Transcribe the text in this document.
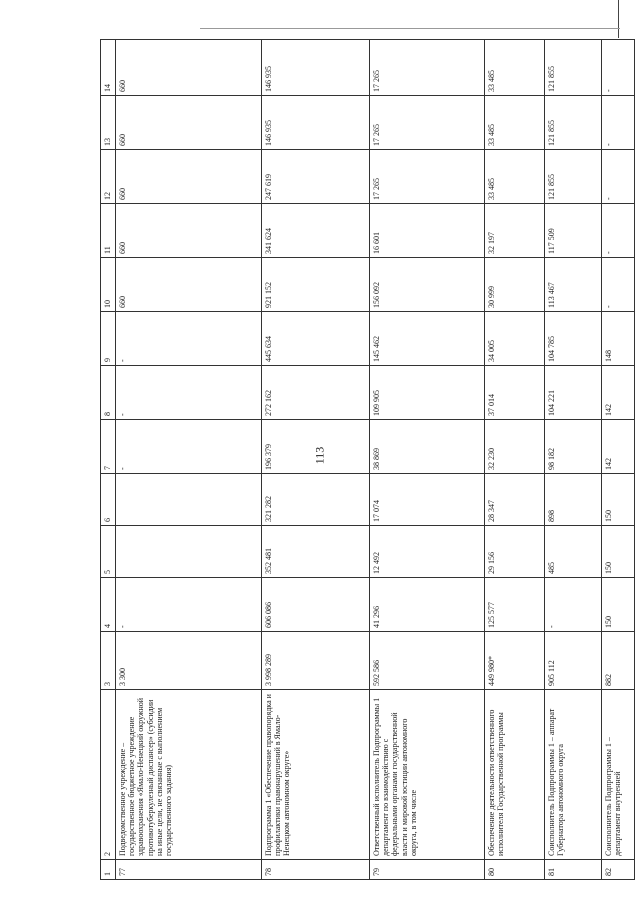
113
1	2	3	4	5	6	7	8	9	10	11	12	13	14
77	Подведомственное учреждение – государственное бюджетное учреждение здравоохранения «Ямало-Ненецкий окружной противотуберкулезный диспансер» (субсидии на иные цели, не связанные с выполнением государственного задания)	3 300	-			-	-	-	660	660	660	660	660
78	Подпрограмма 1 «Обеспечение правопорядка и профилактики правонарушений в Ямало-Ненецком автономном округе»	3 998 289	606 086	352 481	321 282	196 379	272 162	445 634	921 152	341 624	247 619	146 935	146 935
79	Ответственный исполнитель Подпрограммы 1 департамент по взаимодействию с федеральными органами государственной власти и мировой юстиции автономного округа, в том числе	592 586	41 296	12 492	17 074	38 869	109 905	145 462	156 092	16 601	17 265	17 265	17 265
80	Обеспечение деятельности ответственного исполнителя Государственной программы	449 980*	125 577	29 156	28 347	32 230	37 014	34 005	30 999	32 197	33 485	33 485	33 485
81	Соисполнитель Подпрограммы 1 – аппарат Губернатора автономного округа	905 112	-	485	898	98 182	104 221	104 785	113 467	117 509	121 855	121 855	121 855
82	Соисполнитель Подпрограммы 1 – департамент внутренней	882	150	150	150	142	142	148	-	-	-	-	-
